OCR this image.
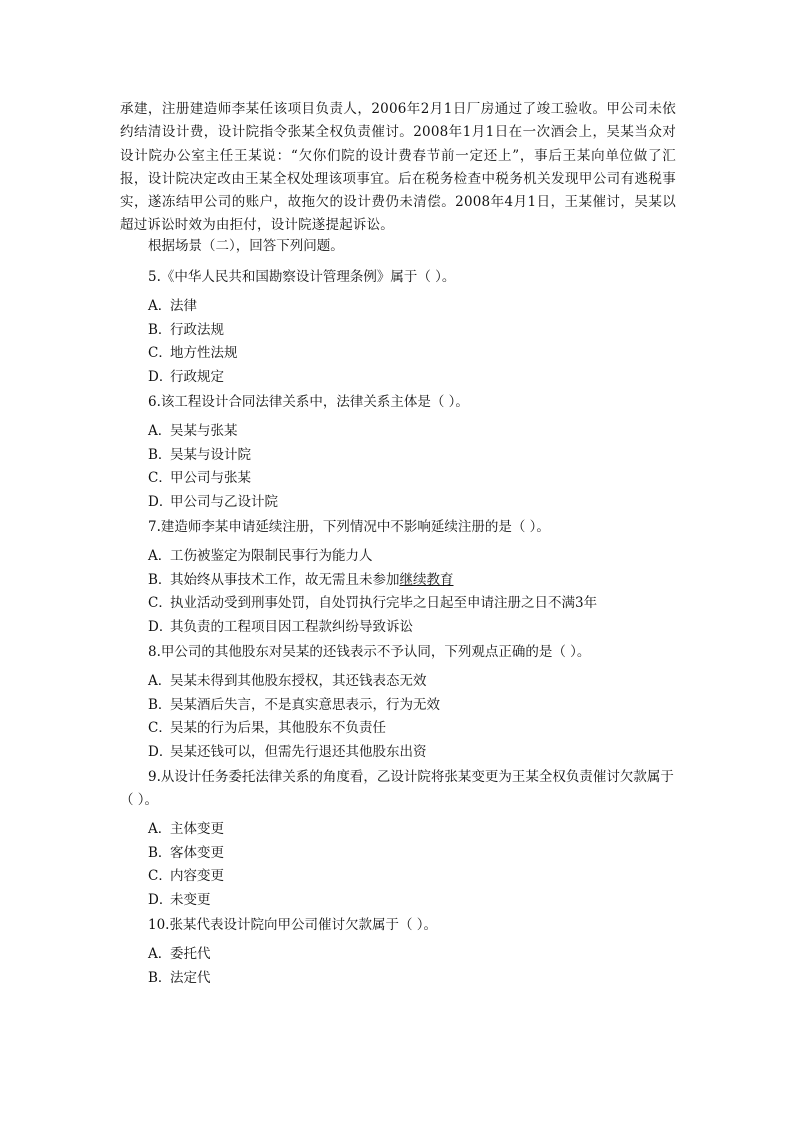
承建，注册建造师李某任该项目负责人，2006年2月1日厂房通过了竣工验收。甲公司未依约结清设计费，设计院指令张某全权负责催讨。2008年1月1日在一次酒会上，吴某当众对设计院办公室主任王某说：“欠你们院的设计费春节前一定还上”，事后王某向单位做了汇报，设计院决定改由王某全权处理该项事宜。后在税务检查中税务机关发现甲公司有逃税事实，遂冻结甲公司的账户，故拖欠的设计费仍未清偿。2008年4月1日，王某催讨，吴某以超过诉讼时效为由拒付，设计院遂提起诉讼。

根据场景（二），回答下列问题。

5.《中华人民共和国勘察设计管理条例》属于（ ）。

A．法律

B．行政法规

C．地方性法规

D．行政规定

6.该工程设计合同法律关系中，法律关系主体是（ ）。

A．吴某与张某

B．吴某与设计院

C．甲公司与张某

D．甲公司与乙设计院

7.建造师李某申请延续注册，下列情况中不影响延续注册的是（ ）。

A．工伤被鉴定为限制民事行为能力人

B．其始终从事技术工作，故无需且未参加继续教育

C．执业活动受到刑事处罚，自处罚执行完毕之日起至申请注册之日不满3年

D．其负责的工程项目因工程款纠纷导致诉讼

8.甲公司的其他股东对吴某的还钱表示不予认同，下列观点正确的是（ ）。

A．吴某未得到其他股东授权，其还钱表态无效

B．吴某酒后失言，不是真实意思表示，行为无效

C．吴某的行为后果，其他股东不负责任

D．吴某还钱可以，但需先行退还其他股东出资

9.从设计任务委托法律关系的角度看，乙设计院将张某变更为王某全权负责催讨欠款属于（ ）。

A．主体变更

B．客体变更

C．内容变更

D．未变更

10.张某代表设计院向甲公司催讨欠款属于（ ）。

A．委托代

B．法定代
